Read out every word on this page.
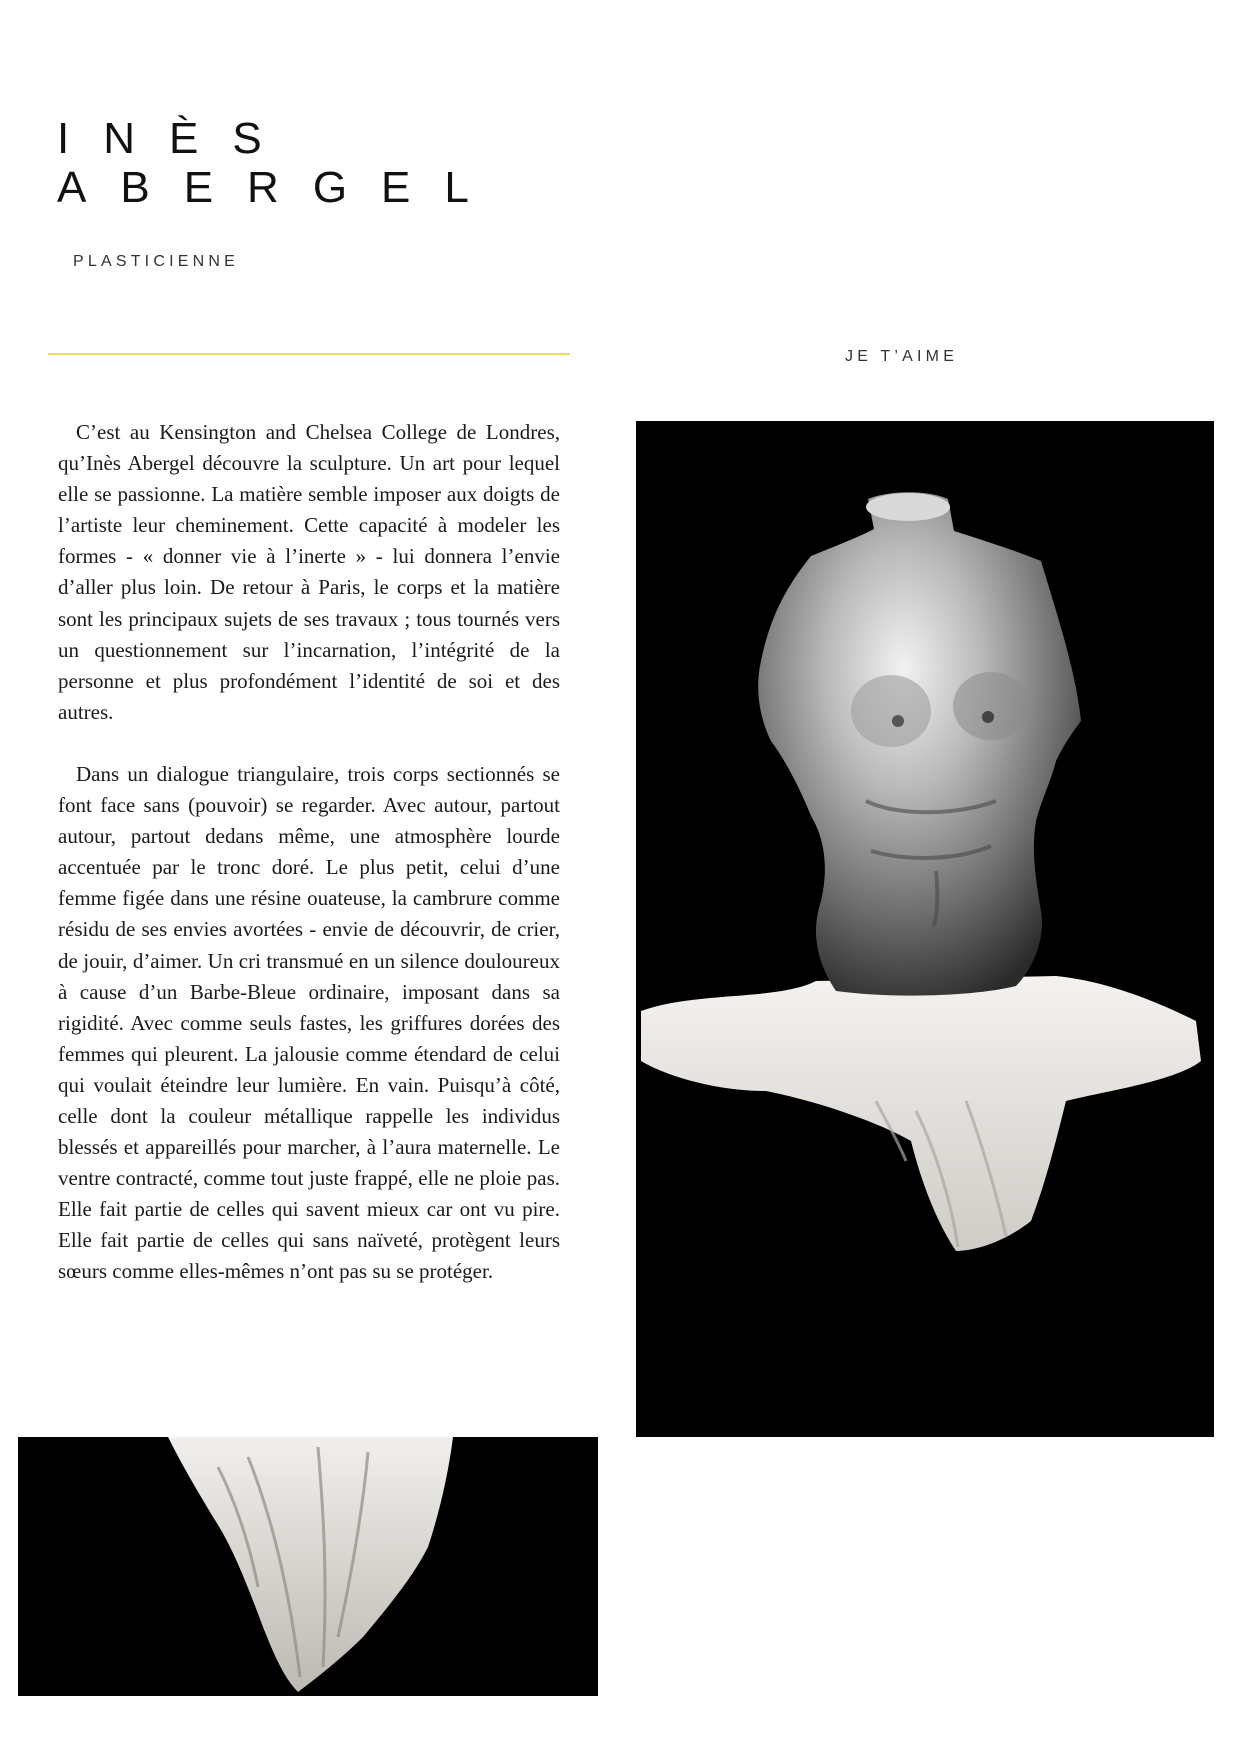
INÈS
ABERGEL
PLASTICIENNE
JE T’AIME

C’est au Kensington and Chelsea College de Londres, qu’Inès Abergel découvre la sculpture. Un art pour lequel elle se passionne. La matière semble imposer aux doigts de l’artiste leur cheminement. Cette capacité à modeler les formes - « donner vie à l’inerte » - lui donnera l’envie d’aller plus loin. De retour à Paris, le corps et la matière sont les principaux sujets de ses travaux ; tous tournés vers un questionnement sur l’incarnation, l’intégrité de la personne et plus profondément l’identité de soi et des autres.

Dans un dialogue triangulaire, trois corps sectionnés se font face sans (pouvoir) se regarder. Avec autour, partout autour, partout dedans même, une atmosphère lourde accentuée par le tronc doré. Le plus petit, celui d’une femme figée dans une résine ouateuse, la cambrure comme résidu de ses envies avortées - envie de découvrir, de crier, de jouir, d’aimer. Un cri transmué en un silence douloureux à cause d’un Barbe-Bleue ordinaire, imposant dans sa rigidité. Avec comme seuls fastes, les griffures dorées des femmes qui pleurent. La jalousie comme étendard de celui qui voulait éteindre leur lumière. En vain. Puisqu’à côté, celle dont la couleur métallique rappelle les individus blessés et appareillés pour marcher, à l’aura maternelle. Le ventre contracté, comme tout juste frappé, elle ne ploie pas. Elle fait partie de celles qui savent mieux car ont vu pire. Elle fait partie de celles qui sans naïveté, protègent leurs sœurs comme elles-mêmes n’ont pas su se protéger.
